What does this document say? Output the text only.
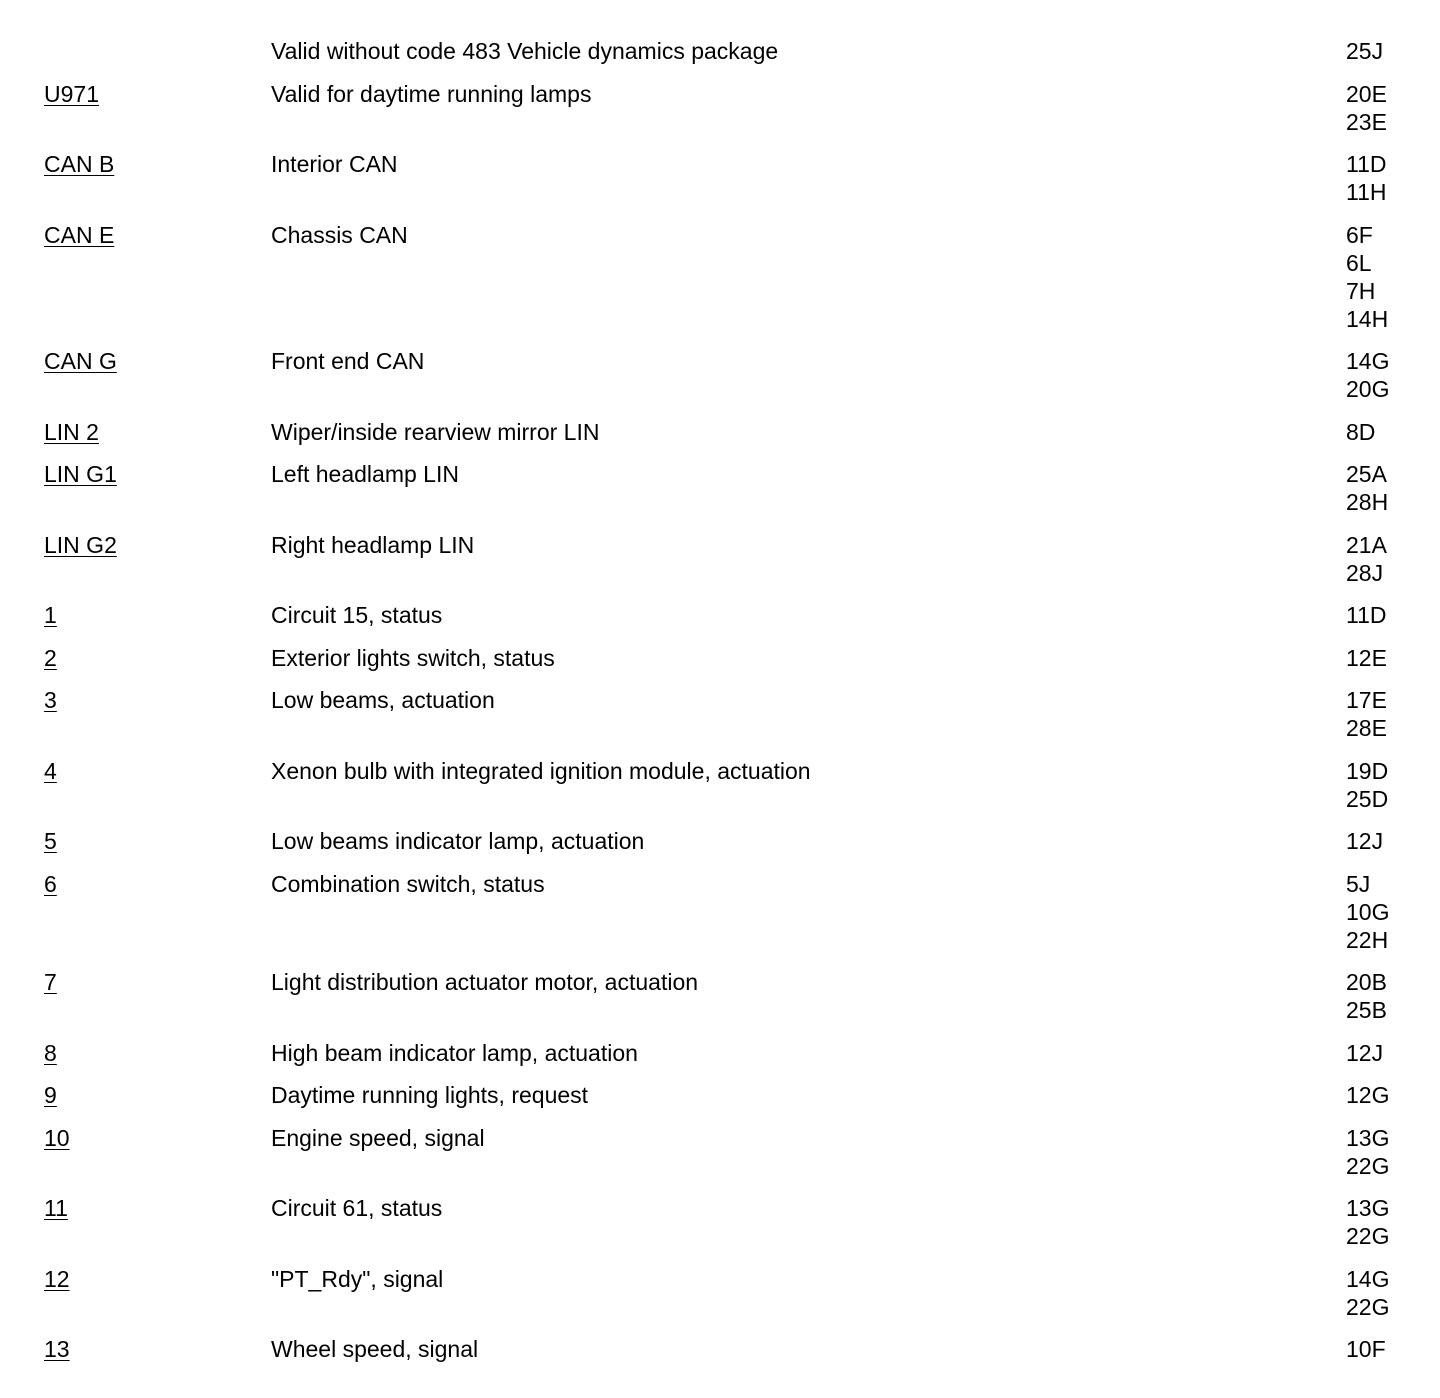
Valid without code 483 Vehicle dynamics package	25J
U971	Valid for daytime running lamps	20E
23E
CAN B	Interior CAN	11D
11H
CAN E	Chassis CAN	6F
6L
7H
14H
CAN G	Front end CAN	14G
20G
LIN 2	Wiper/inside rearview mirror LIN	8D
LIN G1	Left headlamp LIN	25A
28H
LIN G2	Right headlamp LIN	21A
28J
1	Circuit 15, status	11D
2	Exterior lights switch, status	12E
3	Low beams, actuation	17E
28E
4	Xenon bulb with integrated ignition module, actuation	19D
25D
5	Low beams indicator lamp, actuation	12J
6	Combination switch, status	5J
10G
22H
7	Light distribution actuator motor, actuation	20B
25B
8	High beam indicator lamp, actuation	12J
9	Daytime running lights, request	12G
10	Engine speed, signal	13G
22G
11	Circuit 61, status	13G
22G
12	"PT_Rdy", signal	14G
22G
13	Wheel speed, signal	10F
